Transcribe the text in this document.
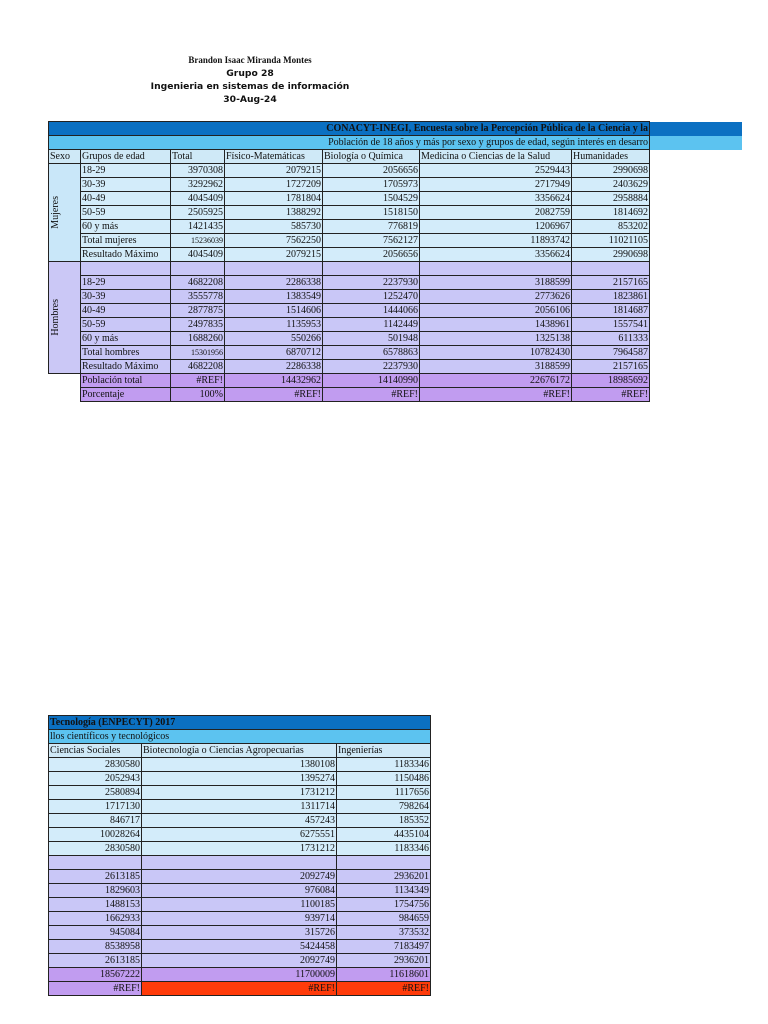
Brandon Isaac Miranda Montes
Grupo 28
Ingenieria en sistemas de información
30-Aug-24
CONACYT-INEGI, Encuesta sobre la Percepción Pública de la Ciencia y la							
Población de 18 años y más por sexo y grupos de edad, según interés en desarro							
Sexo	Grupos de edad	Total	Físico-Matemáticas	Biología o Química	Medicina o Ciencias de la Salud	Humanidades	

Mujeres	18-29	3970308	2079215	2056656	2529443	2990698	
	30-39	3292962	1727209	1705973	2717949	2403629	
	40-49	4045409	1781804	1504529	3356624	2958884	
	50-59	2505925	1388292	1518150	2082759	1814692	
	60 y más	1421435	585730	776819	1206967	853202	
	Total mujeres	15236039	7562250	7562127	11893742	11021105	
	Resultado Máximo	4045409	2079215	2056656	3356624	2990698	

Hombres							

	18-29	4682208	2286338	2237930	3188599	2157165	
	30-39	3555778	1383549	1252470	2773626	1823861	
	40-49	2877875	1514606	1444066	2056106	1814687	
	50-59	2497835	1135953	1142449	1438961	1557541	
	60 y más	1688260	550266	501948	1325138	611333	
	Total hombres	15301956	6870712	6578863	10782430	7964587	
	Resultado Máximo	4682208	2286338	2237930	3188599	2157165	
	Población total	#REF!	14432962	14140990	22676172	18985692	
	Porcentaje	100%	#REF!	#REF!	#REF!	#REF!	
Tecnología (ENPECYT) 2017		
llos científicos y tecnológicos		
Ciencias Sociales	Biotecnología o Ciencias Agropecuarias	Ingenierías
2830580	1380108	1183346
2052943	1395274	1150486
2580894	1731212	1117656
1717130	1311714	798264
846717	457243	185352
10028264	6275551	4435104
2830580	1731212	1183346

2613185	2092749	2936201
1829603	976084	1134349
1488153	1100185	1754756
1662933	939714	984659
945084	315726	373532
8538958	5424458	7183497
2613185	2092749	2936201
18567222	11700009	11618601
#REF!	#REF!	#REF!
